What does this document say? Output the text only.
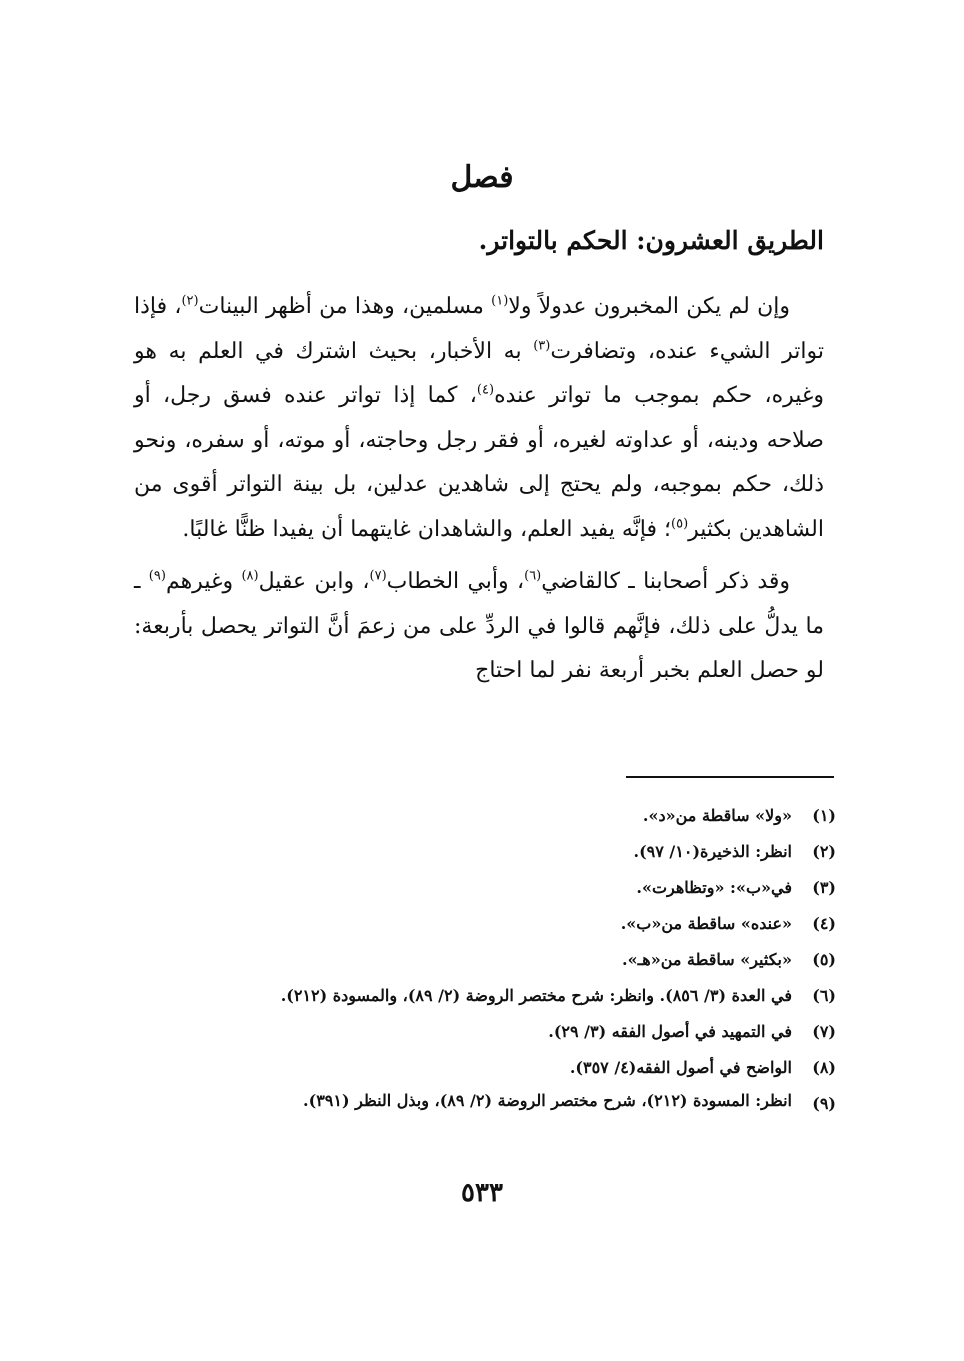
فصل
الطريق العشرون: الحكم بالتواتر.

وإن لم يكن المخبرون عدولاً ولا$^{(١)}$ مسلمين، وهذا من أظهر البينات$^{(٢)}$، فإذا تواتر الشيء عنده، وتضافرت$^{(٣)}$ به الأخبار، بحيث اشترك في العلم به هو وغيره، حكم بموجب ما تواتر عنده$^{(٤)}$، كما إذا تواتر عنده فسق رجل، أو صلاحه ودينه، أو عداوته لغيره، أو فقر رجل وحاجته، أو موته، أو سفره، ونحو ذلك، حكم بموجبه، ولم يحتج إلى شاهدين عدلين، بل بينة التواتر أقوى من الشاهدين بكثير$^{(٥)}$؛ فإنَّه يفيد العلم، والشاهدان غايتهما أن يفيدا ظنًّا غالبًا.

وقد ذكر أصحابنا ـ كالقاضي$^{(٦)}$، وأبي الخطاب$^{(٧)}$، وابن عقيل$^{(٨)}$ وغيرهم$^{(٩)}$ ـ ما يدلُّ على ذلك، فإنَّهم قالوا في الردِّ على من زعمَ أنَّ التواتر يحصل بأربعة: لو حصل العلم بخبر أربعة نفر لما احتاج

(١)
«ولا» ساقطة من«د».
(٢)
انظر: الذخيرة(١٠/ ٩٧).
(٣)
في«ب»: «وتظاهرت».
(٤)
«عنده» ساقطة من«ب».
(٥)
«بكثير» ساقطة من«هـ».
(٦)
في العدة (٣/ ٨٥٦). وانظر: شرح مختصر الروضة (٢/ ٨٩)، والمسودة (٢١٢).
(٧)
في التمهيد في أصول الفقه (٣/ ٢٩).
(٨)
الواضح في أصول الفقه(٤/ ٣٥٧).
(٩)
انظر: المسودة (٢١٢)، شرح مختصر الروضة (٢/ ٨٩)، وبذل النظر (٣٩١).
٥٣٣
